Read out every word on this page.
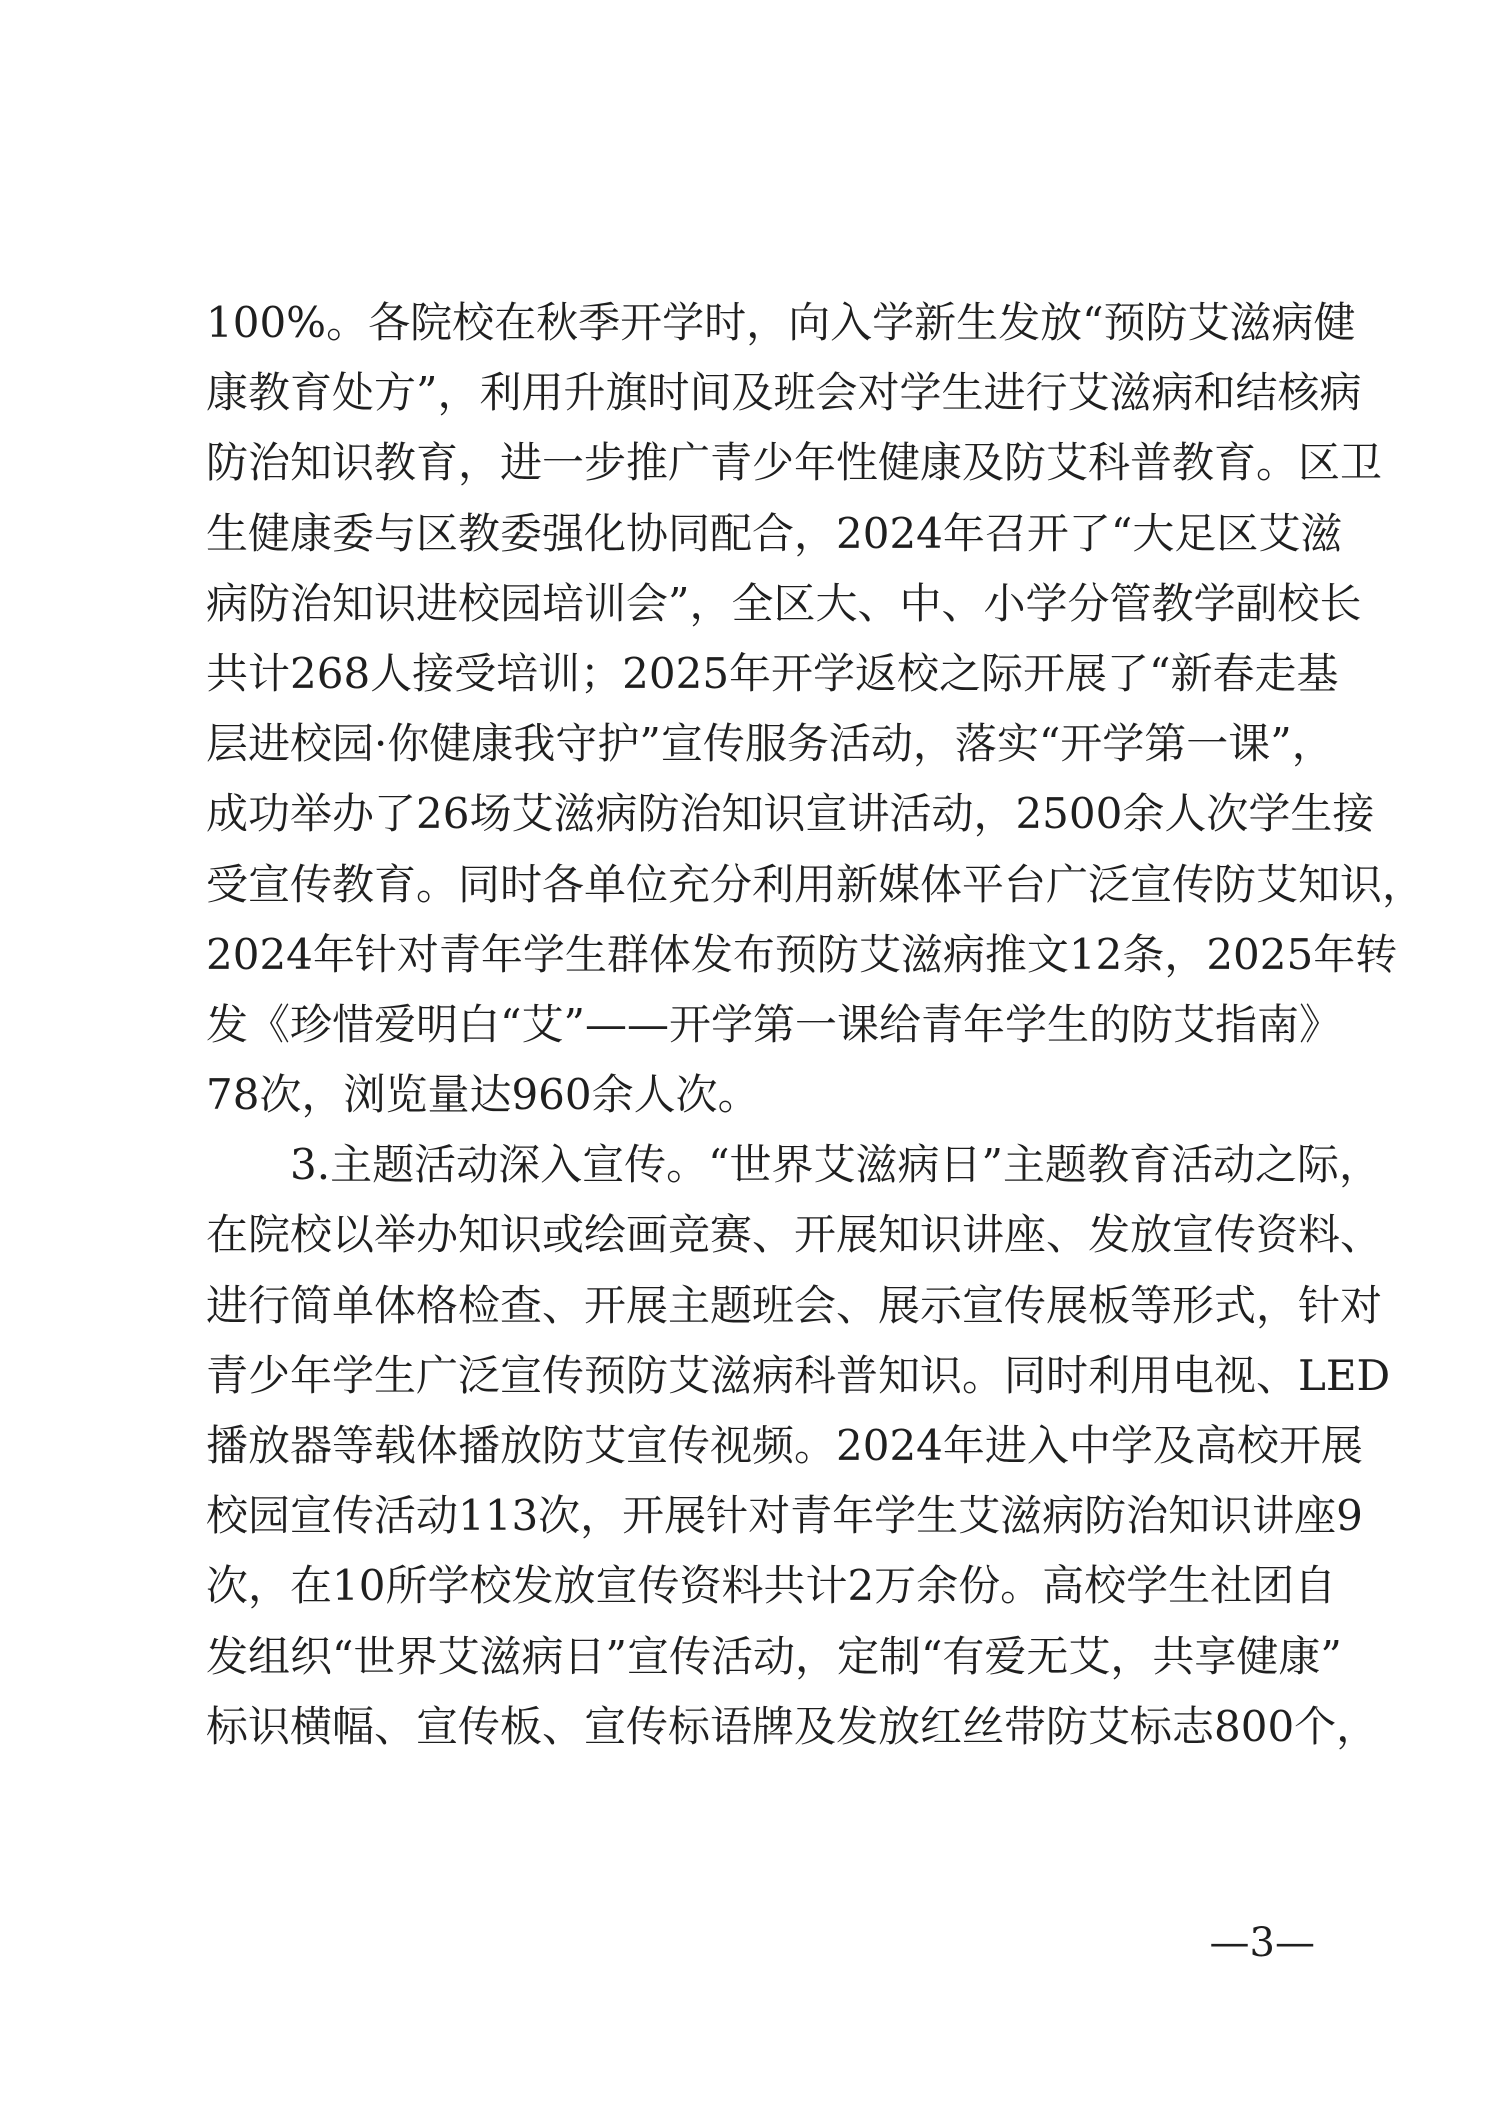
100%。各院校在秋季开学时，向入学新生发放“预防艾滋病健
康教育处方”，利用升旗时间及班会对学生进行艾滋病和结核病
防治知识教育，进一步推广青少年性健康及防艾科普教育。区卫
生健康委与区教委强化协同配合，2024年召开了“大足区艾滋
病防治知识进校园培训会”，全区大、中、小学分管教学副校长
共计268人接受培训；2025年开学返校之际开展了“新春走基
层进校园·你健康我守护”宣传服务活动，落实“开学第一课”，
成功举办了26场艾滋病防治知识宣讲活动，2500余人次学生接
受宣传教育。同时各单位充分利用新媒体平台广泛宣传防艾知识，
2024年针对青年学生群体发布预防艾滋病推文12条，2025年转
发《珍惜爱明白“艾”——开学第一课给青年学生的防艾指南》
78次，浏览量达960余人次。
3.主题活动深入宣传。“世界艾滋病日”主题教育活动之际，
在院校以举办知识或绘画竞赛、开展知识讲座、发放宣传资料、
进行简单体格检查、开展主题班会、展示宣传展板等形式，针对
青少年学生广泛宣传预防艾滋病科普知识。同时利用电视、LED
播放器等载体播放防艾宣传视频。2024年进入中学及高校开展
校园宣传活动113次，开展针对青年学生艾滋病防治知识讲座9
次，在10所学校发放宣传资料共计2万余份。高校学生社团自
发组织“世界艾滋病日”宣传活动，定制“有爱无艾，共享健康”
标识横幅、宣传板、宣传标语牌及发放红丝带防艾标志800个，
—3—
